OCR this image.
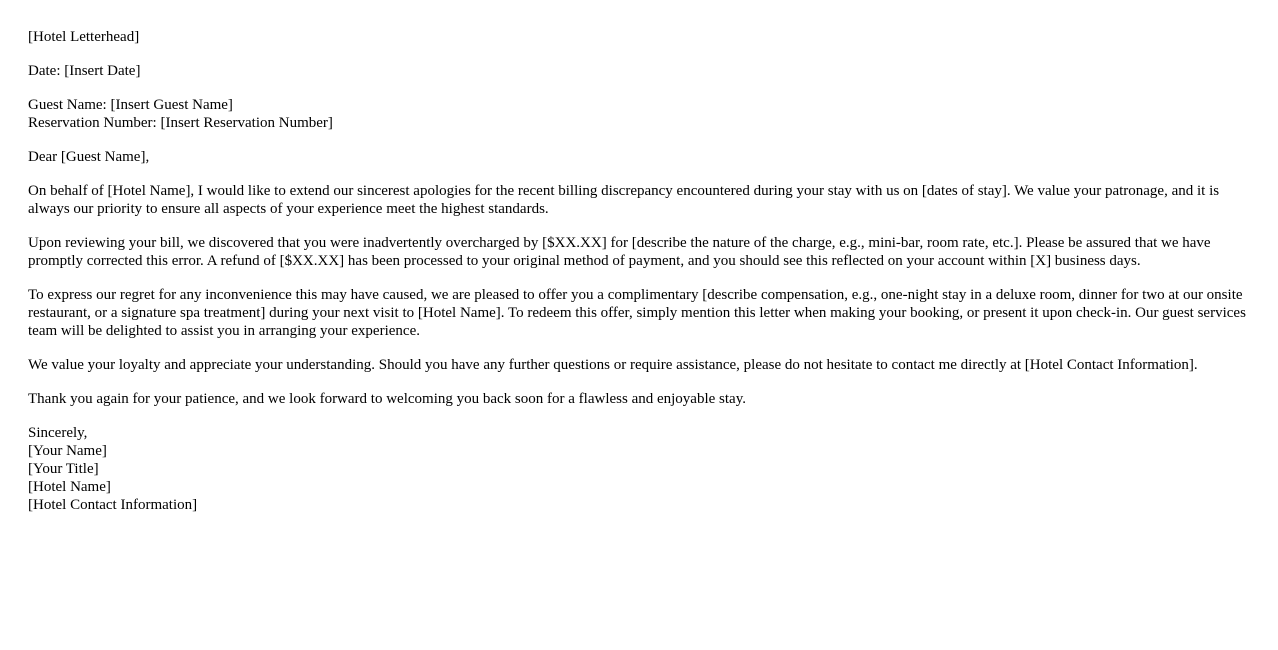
[Hotel Letterhead]

Date: [Insert Date]

Guest Name: [Insert Guest Name]
Reservation Number: [Insert Reservation Number]

Dear [Guest Name],

On behalf of [Hotel Name], I would like to extend our sincerest apologies for the recent billing discrepancy encountered during your stay with us on [dates of stay]. We value your patronage, and it is always our priority to ensure all aspects of your experience meet the highest standards.

Upon reviewing your bill, we discovered that you were inadvertently overcharged by [$XX.XX] for [describe the nature of the charge, e.g., mini-bar, room rate, etc.]. Please be assured that we have promptly corrected this error. A refund of [$XX.XX] has been processed to your original method of payment, and you should see this reflected on your account within [X] business days.

To express our regret for any inconvenience this may have caused, we are pleased to offer you a complimentary [describe compensation, e.g., one-night stay in a deluxe room, dinner for two at our onsite restaurant, or a signature spa treatment] during your next visit to [Hotel Name]. To redeem this offer, simply mention this letter when making your booking, or present it upon check-in. Our guest services team will be delighted to assist you in arranging your experience.

We value your loyalty and appreciate your understanding. Should you have any further questions or require assistance, please do not hesitate to contact me directly at [Hotel Contact Information].

Thank you again for your patience, and we look forward to welcoming you back soon for a flawless and enjoyable stay.

Sincerely,
[Your Name]
[Your Title]
[Hotel Name]
[Hotel Contact Information]
